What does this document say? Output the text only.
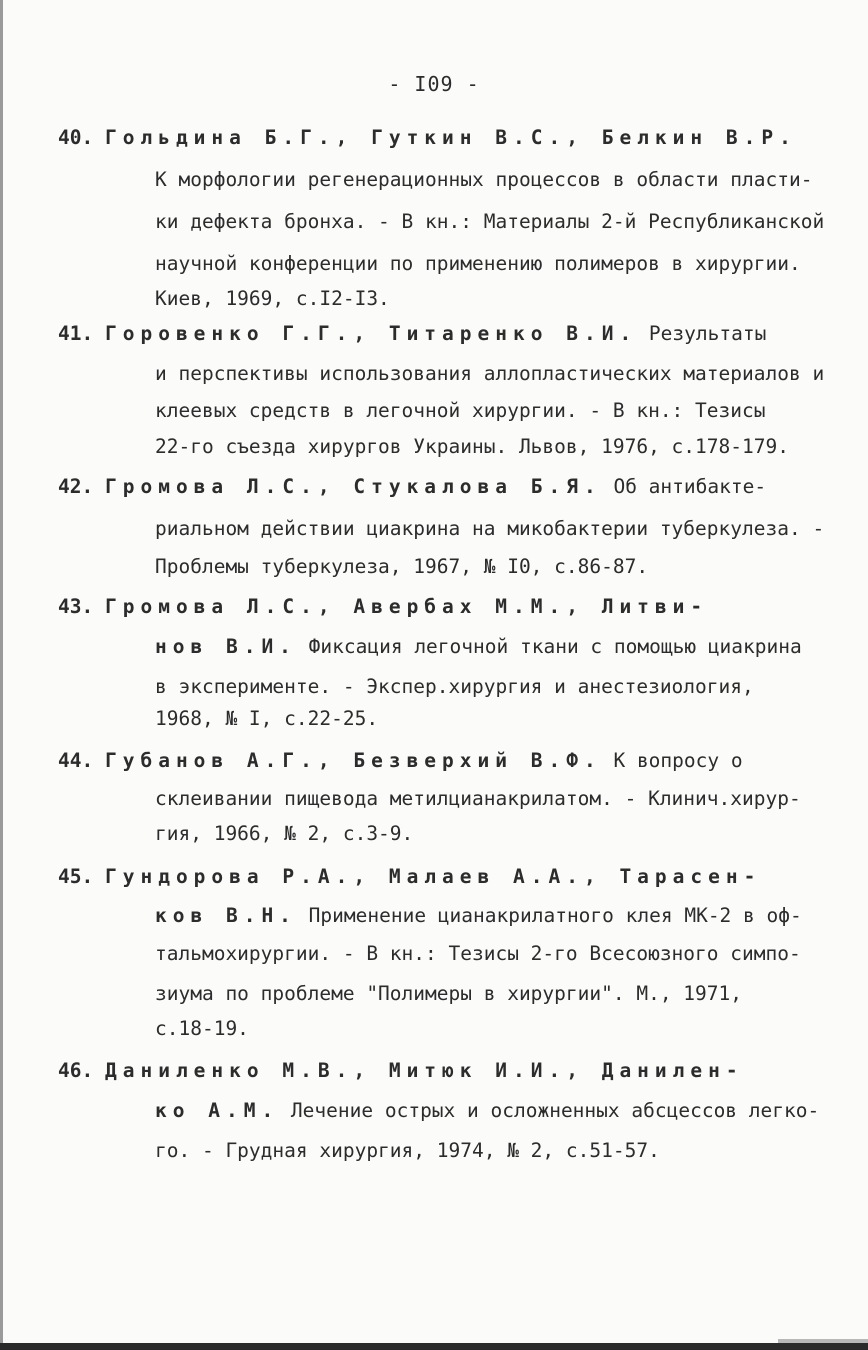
- I09 -
40. Гольдина Б.Г., Гуткин В.С., Белкин В.Р.
К морфологии регенерационных процессов в области пласти-
ки дефекта бронха. - В кн.: Материалы 2-й Республиканской
научной конференции по применению полимеров в хирургии.
Киев, 1969, с.I2-I3.
41. Горовенко Г.Г., Титаренко В.И. Результаты
и перспективы использования аллопластических материалов и
клеевых средств в легочной хирургии. - В кн.: Тезисы
22-го съезда хирургов Украины. Львов, 1976, с.178-179.
42. Громова Л.С., Стукалова Б.Я. Об антибакте-
риальном действии циакрина на микобактерии туберкулеза. -
Проблемы туберкулеза, 1967, № I0, с.86-87.
43. Громова Л.С., Авербах М.М., Литви-
нов В.И. Фиксация легочной ткани с помощью циакрина
в эксперименте. - Экспер.хирургия и анестезиология,
1968, № I, с.22-25.
44. Губанов А.Г., Безверхий В.Ф. К вопросу о
склеивании пищевода метилцианакрилатом. - Клинич.хирур-
гия, 1966, № 2, с.3-9.
45. Гундорова Р.А., Малаев А.А., Тарасен-
ков В.Н. Применение цианакрилатного клея МК-2 в оф-
тальмохирургии. - В кн.: Тезисы 2-го Всесоюзного симпо-
зиума по проблеме "Полимеры в хирургии". М., 1971,
с.18-19.
46. Даниленко М.В., Митюк И.И., Данилен-
ко А.М. Лечение острых и осложненных абсцессов легко-
го. - Грудная хирургия, 1974, № 2, с.51-57.
